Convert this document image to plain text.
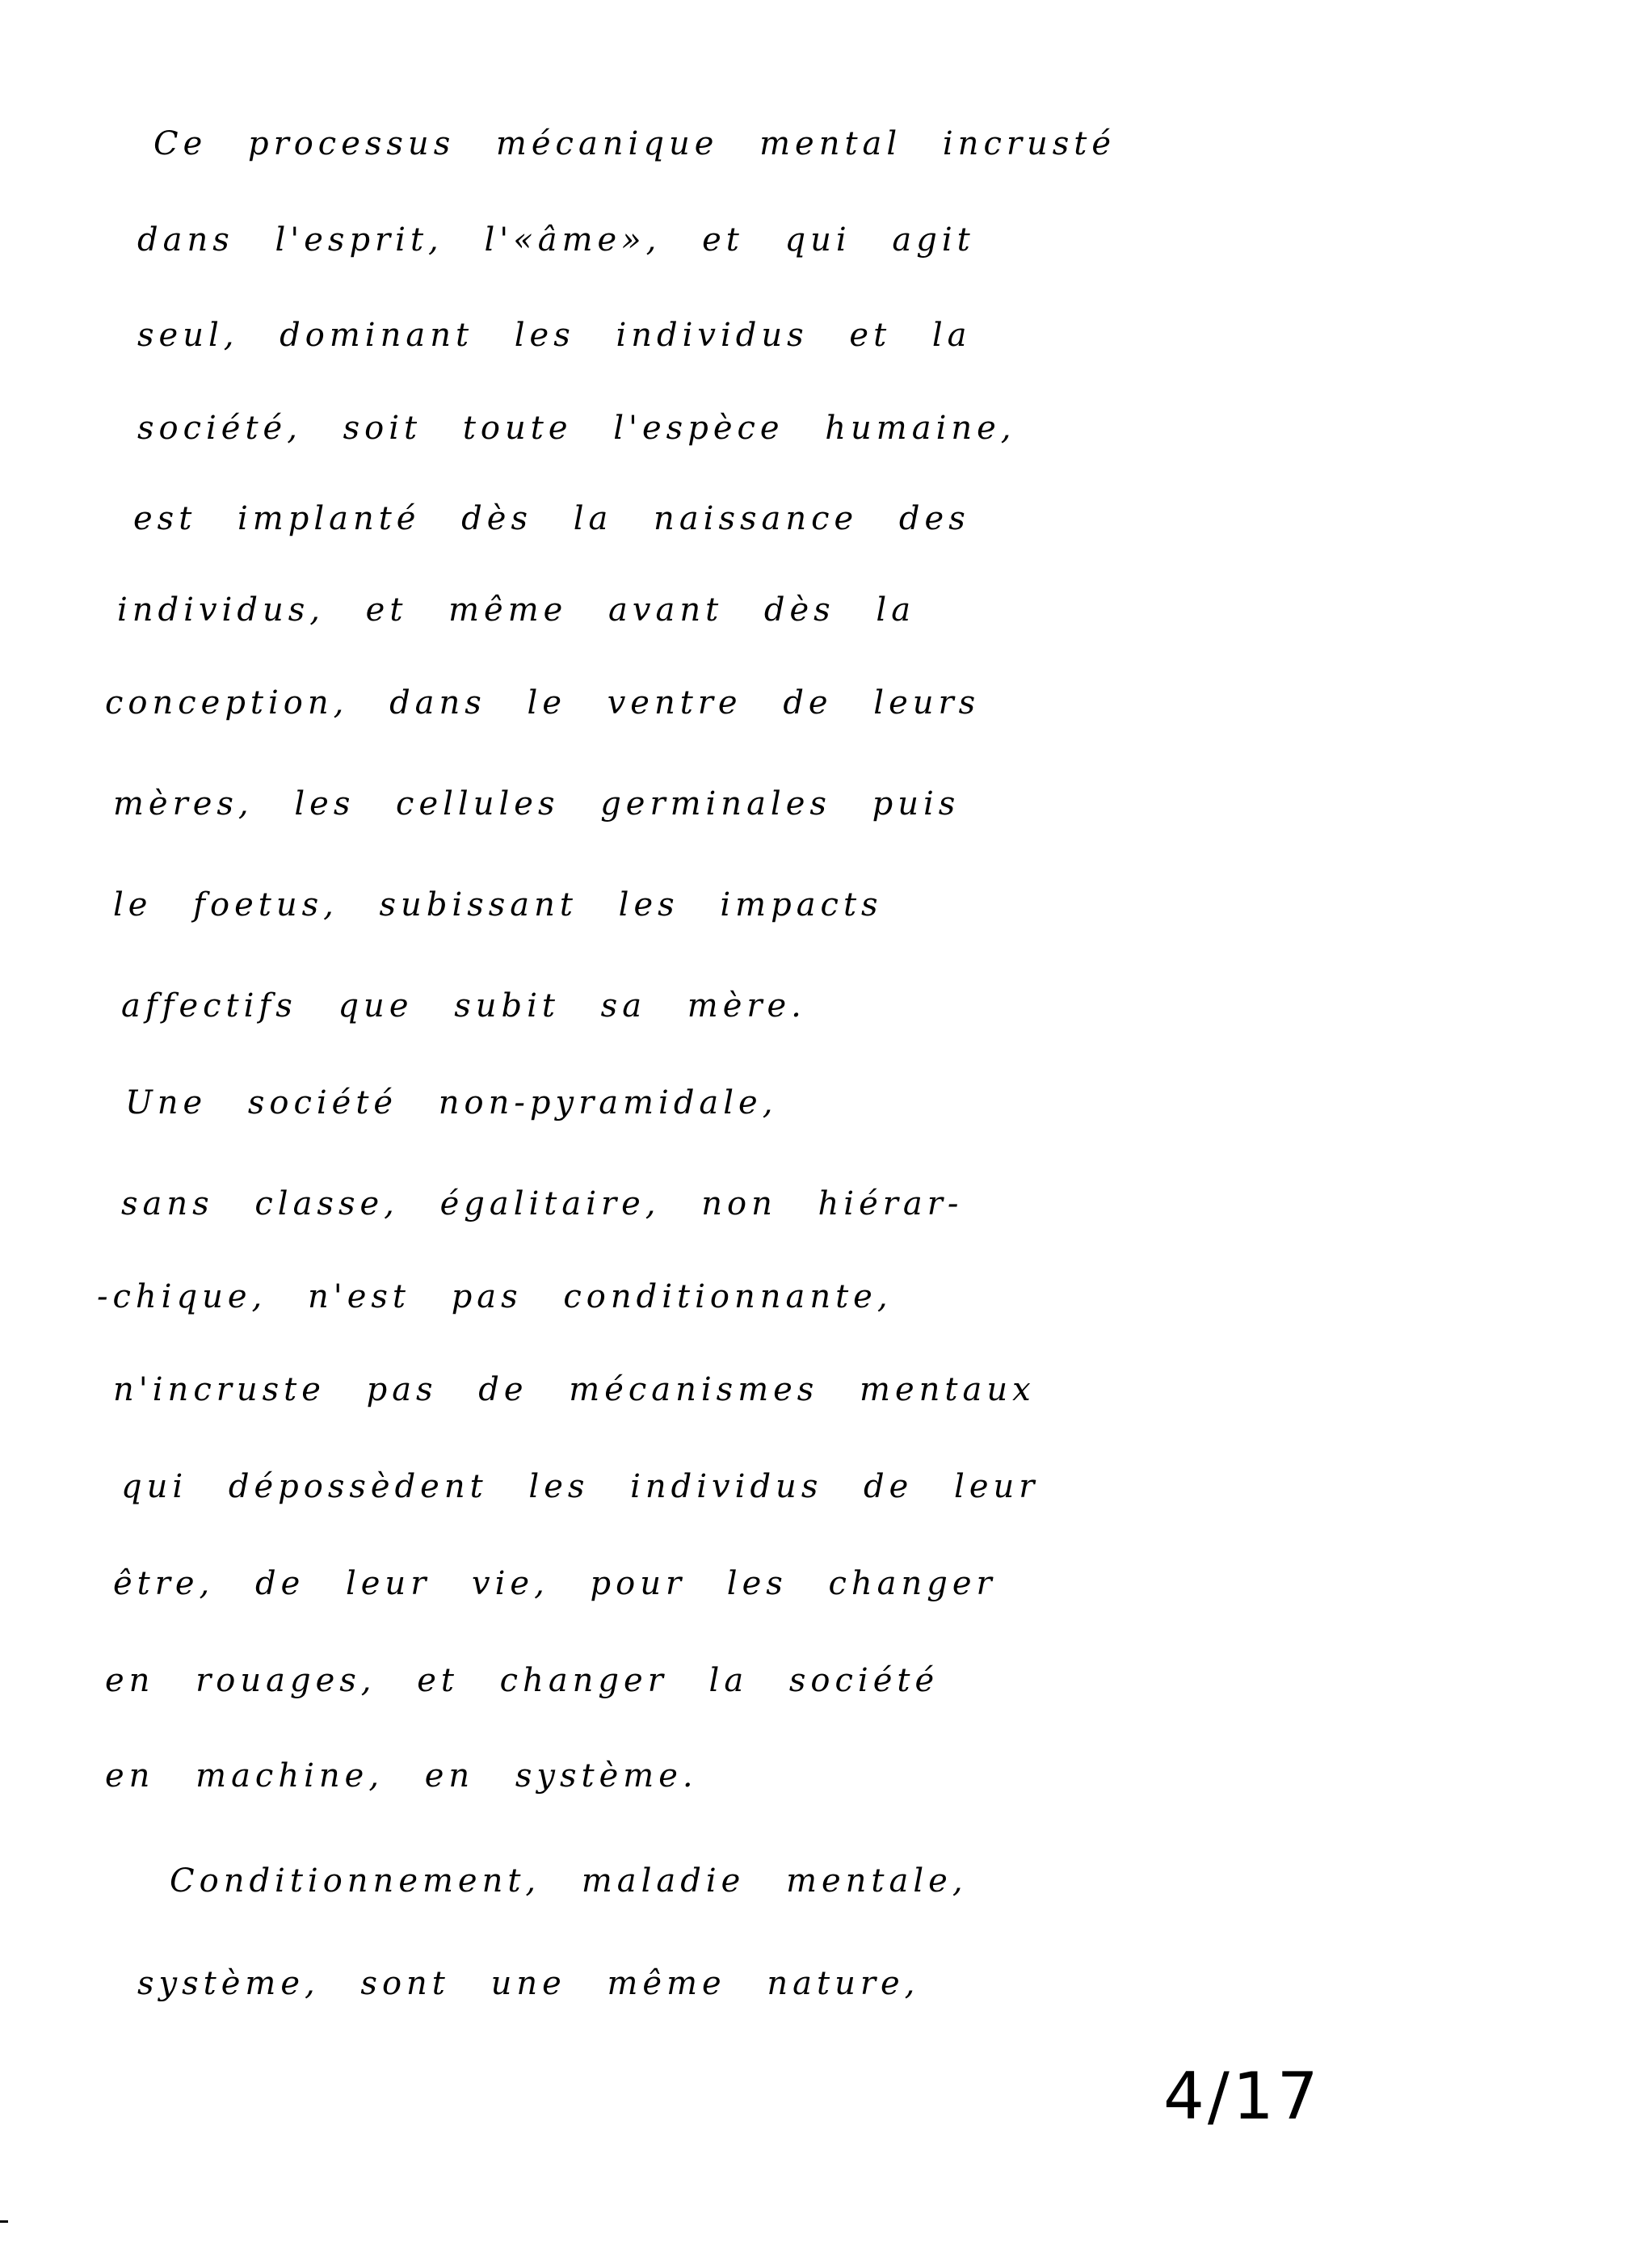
Ce processus mécanique mental incrusté
dans l'esprit, l'«âme», et qui agit
seul, dominant les individus et la
société, soit toute l'espèce humaine,
est implanté dès la naissance des
individus, et même avant dès la
conception, dans le ventre de leurs
mères, les cellules germinales puis
le foetus, subissant les impacts
affectifs que subit sa mère.
Une société non-pyramidale,
sans classe, égalitaire, non hiérar-
-chique, n'est pas conditionnante,
n'incruste pas de mécanismes mentaux
qui dépossèdent les individus de leur
être, de leur vie, pour les changer
en rouages, et changer la société
en machine, en système.
Conditionnement, maladie mentale,
système, sont une même nature,
4/17
